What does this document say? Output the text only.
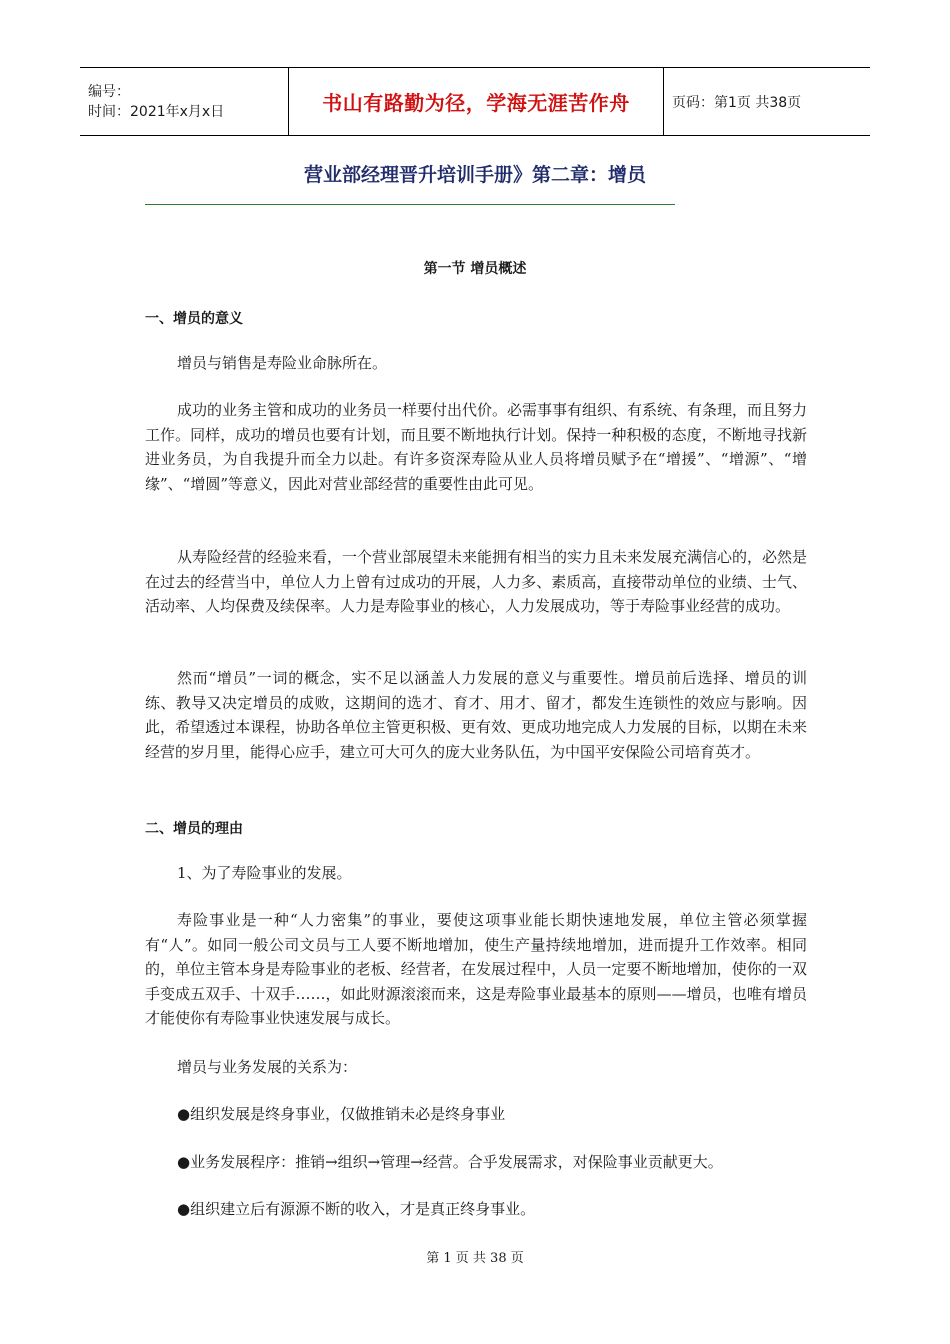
编号：
时间：2021年x月x日	书山有路勤为径，学海无涯苦作舟	页码：第1页 共38页
营业部经理晋升培训手册》第二章：增员
第一节 增员概述
一、增员的意义

增员与销售是寿险业命脉所在。

成功的业务主管和成功的业务员一样要付出代价。必需事事有组织、有系统、有条理，而且努力工作。同样，成功的增员也要有计划，而且要不断地执行计划。保持一种积极的态度，不断地寻找新进业务员，为自我提升而全力以赴。有许多资深寿险从业人员将增员赋予在“增援”、“增源”、“增缘”、“增圆”等意义，因此对营业部经营的重要性由此可见。

从寿险经营的经验来看，一个营业部展望未来能拥有相当的实力且未来发展充满信心的，必然是在过去的经营当中，单位人力上曾有过成功的开展，人力多、素质高，直接带动单位的业绩、士气、活动率、人均保费及续保率。人力是寿险事业的核心，人力发展成功，等于寿险事业经营的成功。

然而“增员”一词的概念，实不足以涵盖人力发展的意义与重要性。增员前后选择、增员的训练、教导又决定增员的成败，这期间的选才、育才、用才、留才，都发生连锁性的效应与影响。因此，希望透过本课程，协助各单位主管更积极、更有效、更成功地完成人力发展的目标，以期在未来经营的岁月里，能得心应手，建立可大可久的庞大业务队伍，为中国平安保险公司培育英才。

二、增员的理由

1、为了寿险事业的发展。

寿险事业是一种“人力密集”的事业，要使这项事业能长期快速地发展，单位主管必须掌握有“人”。如同一般公司文员与工人要不断地增加，使生产量持续地增加，进而提升工作效率。相同的，单位主管本身是寿险事业的老板、经营者，在发展过程中，人员一定要不断地增加，使你的一双手变成五双手、十双手……，如此财源滚滚而来，这是寿险事业最基本的原则——增员，也唯有增员才能使你有寿险事业快速发展与成长。

增员与业务发展的关系为：

●组织发展是终身事业，仅做推销未必是终身事业
●业务发展程序：推销→组织→管理→经营。合乎发展需求，对保险事业贡献更大。
●组织建立后有源源不断的收入，才是真正终身事业。
第 1 页 共 38 页
